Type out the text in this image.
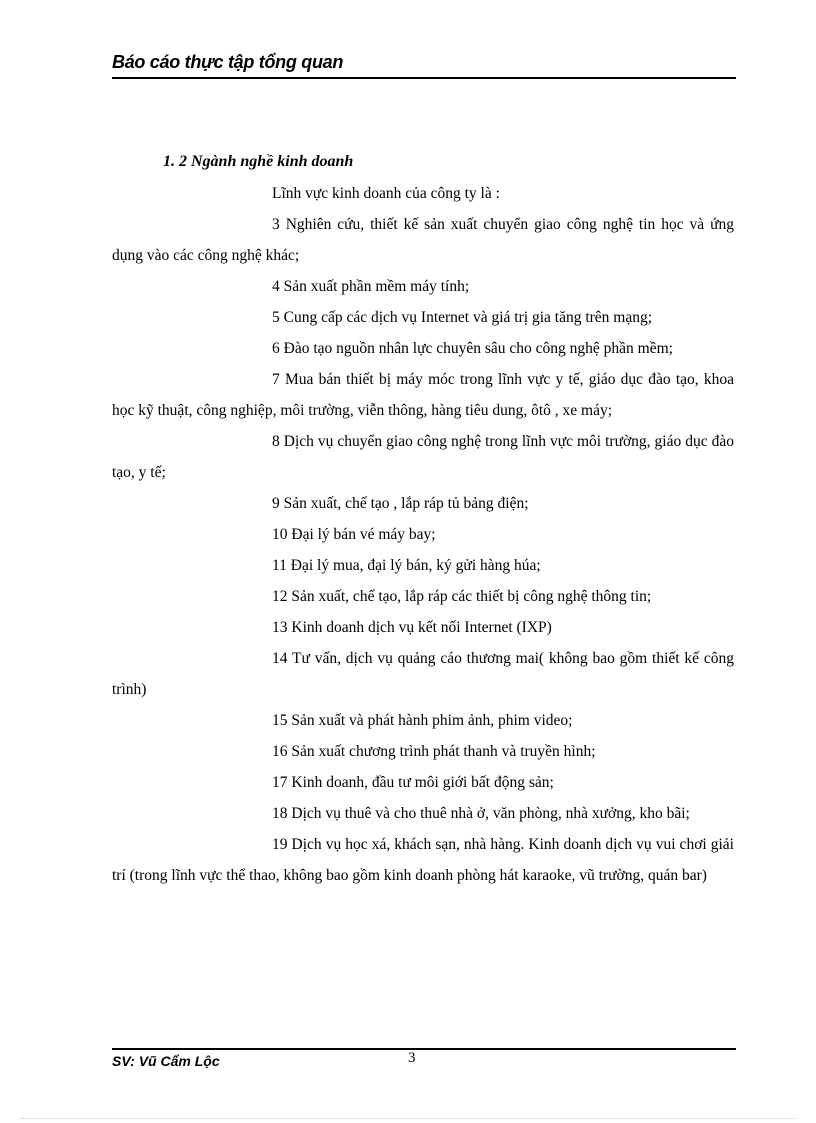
Báo cáo thực tập tổng quan
1. 2 Ngành nghề kinh doanh

Lĩnh vực kinh doanh của công ty là :

3 Nghiên cứu, thiết kế sản xuất chuyển giao công nghệ tin học và ứng dụng vào các công nghệ khác;

4 Sản xuất phần mềm máy tính;

5 Cung cấp các dịch vụ Internet và giá trị gia tăng trên mạng;

6 Đào tạo nguồn nhân lực chuyên sâu cho công nghệ phần mềm;

7 Mua bán thiết bị máy móc trong lĩnh vực y tế, giáo dục đào tạo, khoa học kỹ thuật, công nghiệp, môi trường, viễn thông, hàng tiêu dung, ôtô , xe máy;

8 Dịch vụ chuyển giao công nghệ trong lĩnh vực môi trường, giáo dục đào tạo, y tế;

9 Sản xuất, chế tạo , lắp ráp tủ bảng điện;

10 Đại lý bán vé máy bay;

11 Đại lý mua, đại lý bán, ký gửi hàng húa;

12 Sản xuất, chế tạo, lắp ráp các thiết bị công nghệ thông tin;

13 Kinh doanh dịch vụ kết nối Internet (IXP)

14 Tư vấn, dịch vụ quảng cáo thương mai( không bao gồm thiết kế công trình)

15 Sản xuất và phát hành phim ảnh, phim video;

16 Sản xuất chương trình phát thanh và truyền hình;

17 Kinh doanh, đầu tư môi giới bất động sản;

18 Dịch vụ thuê và cho thuê nhà ở, văn phòng, nhà xưởng, kho bãi;

19 Dịch vụ học xá, khách sạn, nhà hàng. Kinh doanh dịch vụ vui chơi giải trí (trong lĩnh vực thể thao, không bao gồm kinh doanh phòng hát karaoke, vũ trường, quán bar)

SV: Vũ Cẩm Lộc	3
